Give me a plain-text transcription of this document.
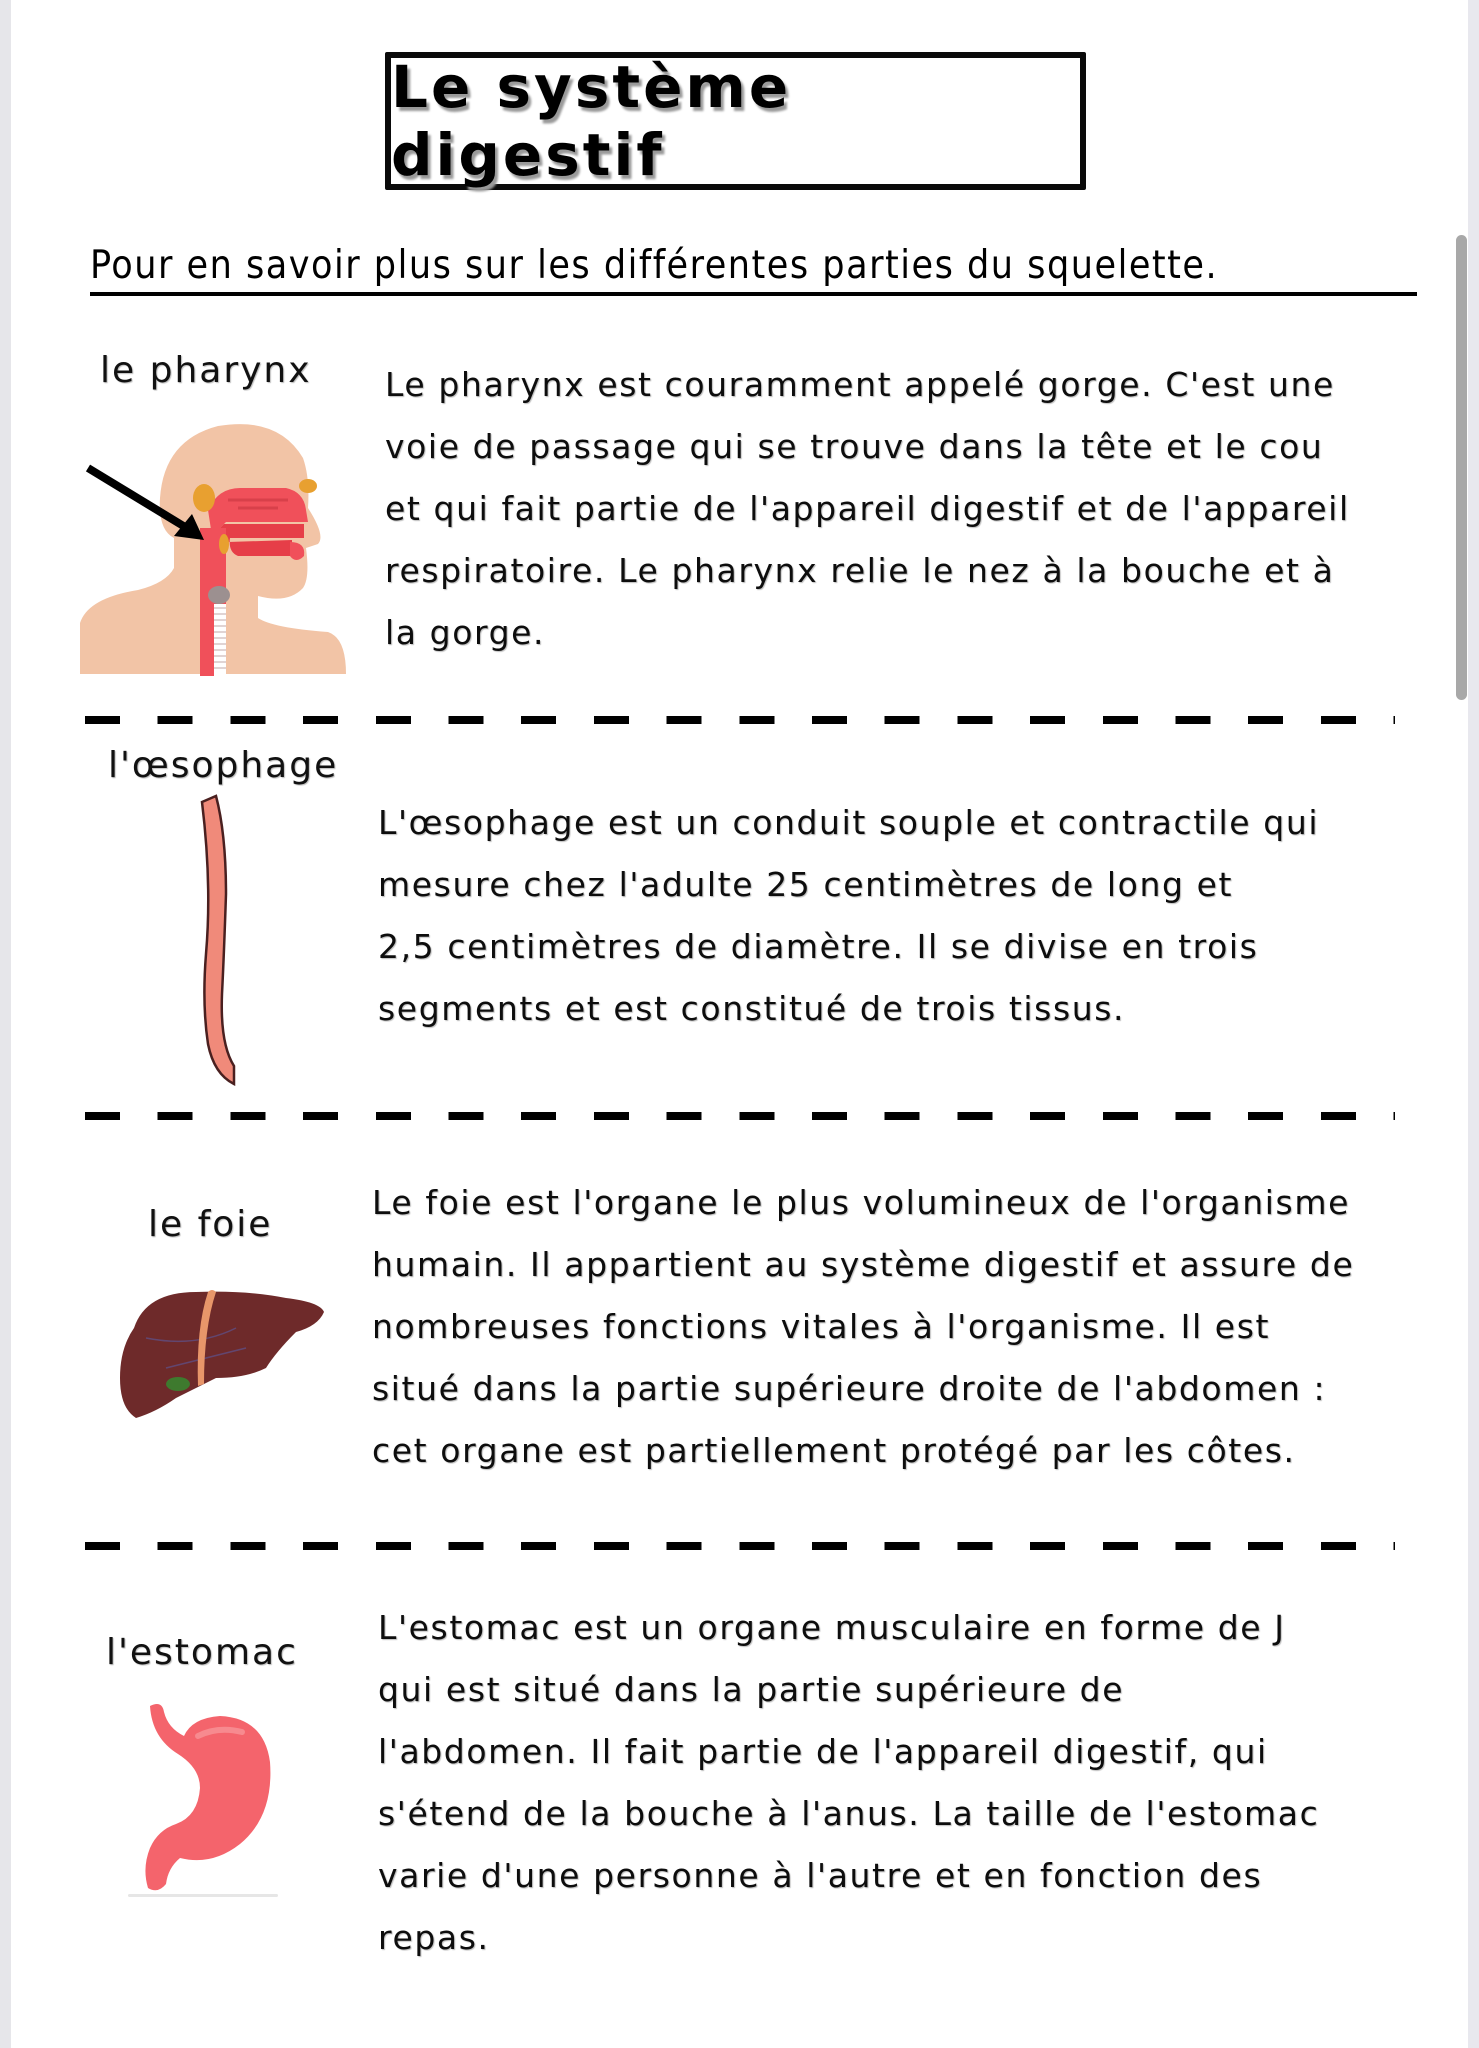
Le système digestif
Pour en savoir plus sur les différentes parties du squelette.
le pharynx Le pharynx est couramment appelé gorge. C'est une
voie de passage qui se trouve dans la tête et le cou
et qui fait partie de l'appareil digestif et de l'appareil
respiratoire. Le pharynx relie le nez à la bouche et à
la gorge.
l'œsophage
L'œsophage est un conduit souple et contractile qui
mesure chez l'adulte 25 centimètres de long et
2,5 centimètres de diamètre. Il se divise en trois
segments et est constitué de trois tissus.
le foie
Le foie est l'organe le plus volumineux de l'organisme
humain. Il appartient au système digestif et assure de
nombreuses fonctions vitales à l'organisme. Il est
situé dans la partie supérieure droite de l'abdomen :
cet organe est partiellement protégé par les côtes.
l'estomac
L'estomac est un organe musculaire en forme de J
qui est situé dans la partie supérieure de
l'abdomen. Il fait partie de l'appareil digestif, qui
s'étend de la bouche à l'anus. La taille de l'estomac
varie d'une personne à l'autre et en fonction des
repas.
